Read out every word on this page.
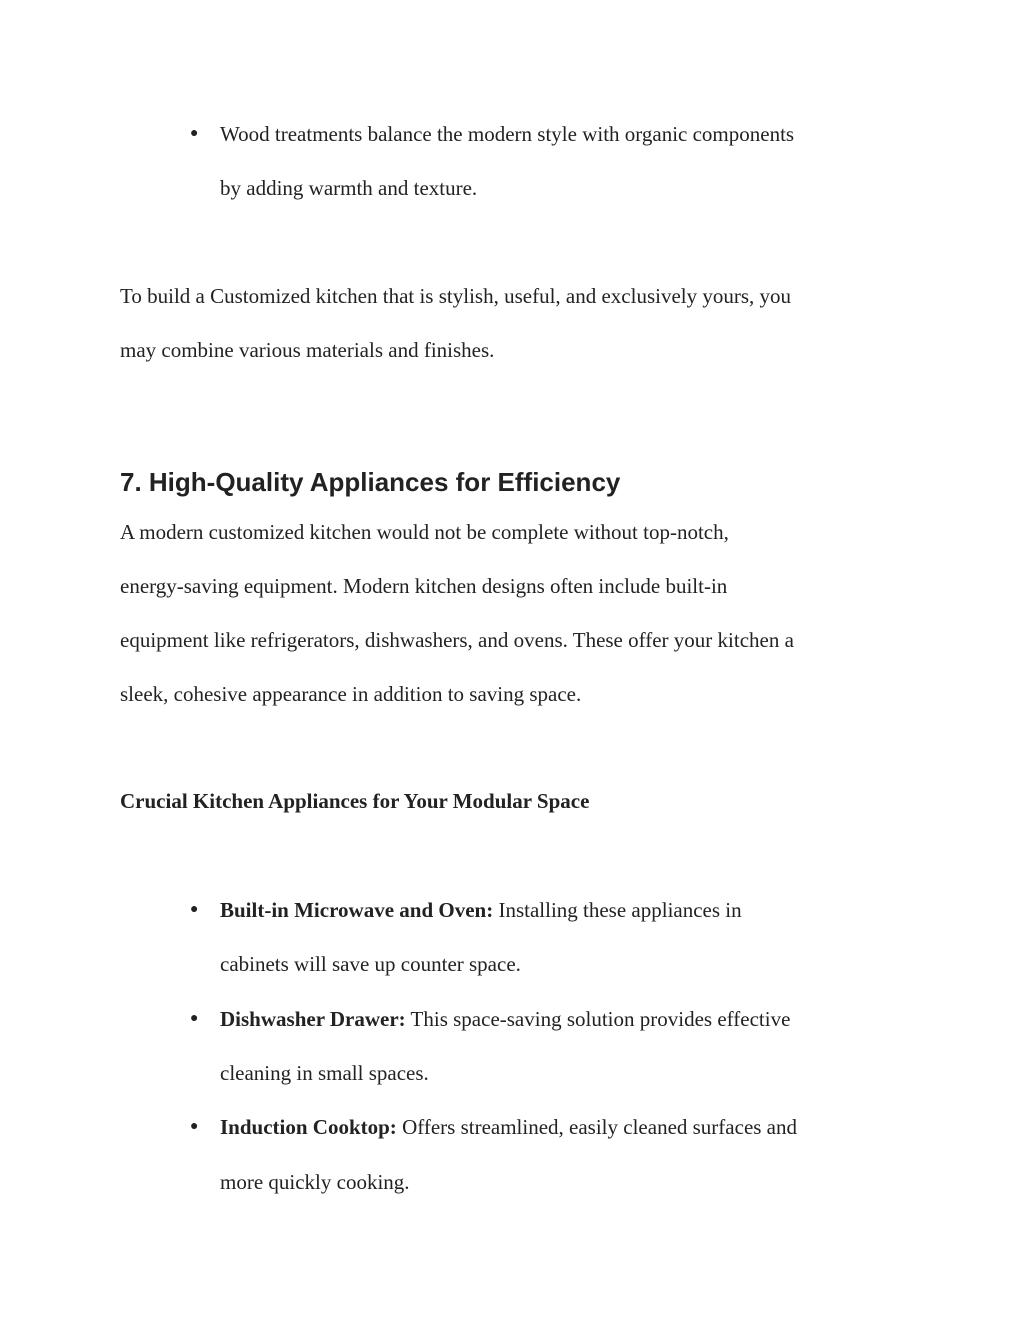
● Wood treatments balance the modern style with organic components
by adding warmth and texture.
To build a Customized kitchen that is stylish, useful, and exclusively yours, you
may combine various materials and finishes.
7. High-Quality Appliances for Efficiency
A modern customized kitchen would not be complete without top-notch,
energy-saving equipment. Modern kitchen designs often include built-in
equipment like refrigerators, dishwashers, and ovens. These offer your kitchen a
sleek, cohesive appearance in addition to saving space.
Crucial Kitchen Appliances for Your Modular Space
● Built-in Microwave and Oven: Installing these appliances in
cabinets will save up counter space.
● Dishwasher Drawer: This space-saving solution provides effective
cleaning in small spaces.
● Induction Cooktop: Offers streamlined, easily cleaned surfaces and
more quickly cooking.
